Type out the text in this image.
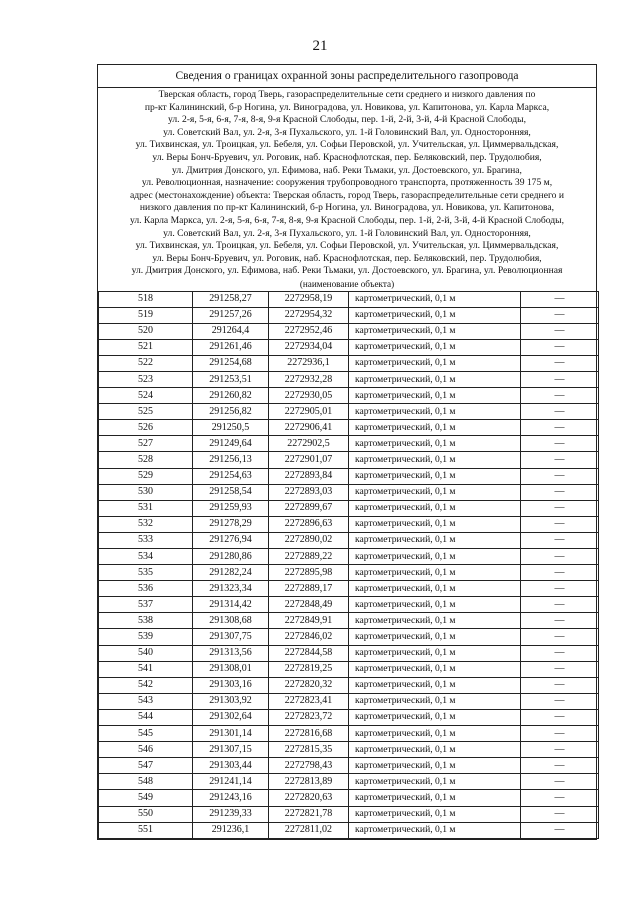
21
Сведения о границах охранной зоны распределительного газопровода
Тверская область, город Тверь, газораспределительные сети среднего и низкого давления по
пр-кт Калининский, б-р Ногина, ул. Виноградова, ул. Новикова, ул. Капитонова, ул. Карла Маркса,
ул. 2-я, 5-я, 6-я, 7-я, 8-я, 9-я Красной Слободы, пер. 1-й, 2-й, 3-й, 4-й Красной Слободы,
ул. Советский Вал, ул. 2-я, 3-я Пухальского, ул. 1-й Головинский Вал, ул. Односторонняя,
ул. Тихвинская, ул. Троицкая, ул. Бебеля, ул. Софьи Перовской, ул. Учительская, ул. Циммервальдская,
ул. Веры Бонч-Бруевич, ул. Роговик, наб. Краснофлотская, пер. Беляковский, пер. Трудолюбия,
ул. Дмитрия Донского, ул. Ефимова, наб. Реки Тьмаки, ул. Достоевского, ул. Брагина,
ул. Революционная, назначение: сооружения трубопроводного транспорта, протяженность 39 175 м,
адрес (местонахождение) объекта: Тверская область, город Тверь, газораспределительные сети среднего и
низкого давления по пр-кт Калининский, б-р Ногина, ул. Виноградова, ул. Новикова, ул. Капитонова,
ул. Карла Маркса, ул. 2-я, 5-я, 6-я, 7-я, 8-я, 9-я Красной Слободы, пер. 1-й, 2-й, 3-й, 4-й Красной Слободы,
ул. Советский Вал, ул. 2-я, 3-я Пухальского, ул. 1-й Головинский Вал, ул. Односторонняя,
ул. Тихвинская, ул. Троицкая, ул. Бебеля, ул. Софьи Перовской, ул. Учительская, ул. Циммервальдская,
ул. Веры Бонч-Бруевич, ул. Роговик, наб. Краснофлотская, пер. Беляковский, пер. Трудолюбия,
ул. Дмитрия Донского, ул. Ефимова, наб. Реки Тьмаки, ул. Достоевского, ул. Брагина, ул. Революционная
(наименование объекта)
518	291258,27	2272958,19	картометрический, 0,1 м	—
519	291257,26	2272954,32	картометрический, 0,1 м	—
520	291264,4	2272952,46	картометрический, 0,1 м	—
521	291261,46	2272934,04	картометрический, 0,1 м	—
522	291254,68	2272936,1	картометрический, 0,1 м	—
523	291253,51	2272932,28	картометрический, 0,1 м	—
524	291260,82	2272930,05	картометрический, 0,1 м	—
525	291256,82	2272905,01	картометрический, 0,1 м	—
526	291250,5	2272906,41	картометрический, 0,1 м	—
527	291249,64	2272902,5	картометрический, 0,1 м	—
528	291256,13	2272901,07	картометрический, 0,1 м	—
529	291254,63	2272893,84	картометрический, 0,1 м	—
530	291258,54	2272893,03	картометрический, 0,1 м	—
531	291259,93	2272899,67	картометрический, 0,1 м	—
532	291278,29	2272896,63	картометрический, 0,1 м	—
533	291276,94	2272890,02	картометрический, 0,1 м	—
534	291280,86	2272889,22	картометрический, 0,1 м	—
535	291282,24	2272895,98	картометрический, 0,1 м	—
536	291323,34	2272889,17	картометрический, 0,1 м	—
537	291314,42	2272848,49	картометрический, 0,1 м	—
538	291308,68	2272849,91	картометрический, 0,1 м	—
539	291307,75	2272846,02	картометрический, 0,1 м	—
540	291313,56	2272844,58	картометрический, 0,1 м	—
541	291308,01	2272819,25	картометрический, 0,1 м	—
542	291303,16	2272820,32	картометрический, 0,1 м	—
543	291303,92	2272823,41	картометрический, 0,1 м	—
544	291302,64	2272823,72	картометрический, 0,1 м	—
545	291301,14	2272816,68	картометрический, 0,1 м	—
546	291307,15	2272815,35	картометрический, 0,1 м	—
547	291303,44	2272798,43	картометрический, 0,1 м	—
548	291241,14	2272813,89	картометрический, 0,1 м	—
549	291243,16	2272820,63	картометрический, 0,1 м	—
550	291239,33	2272821,78	картометрический, 0,1 м	—
551	291236,1	2272811,02	картометрический, 0,1 м	—
